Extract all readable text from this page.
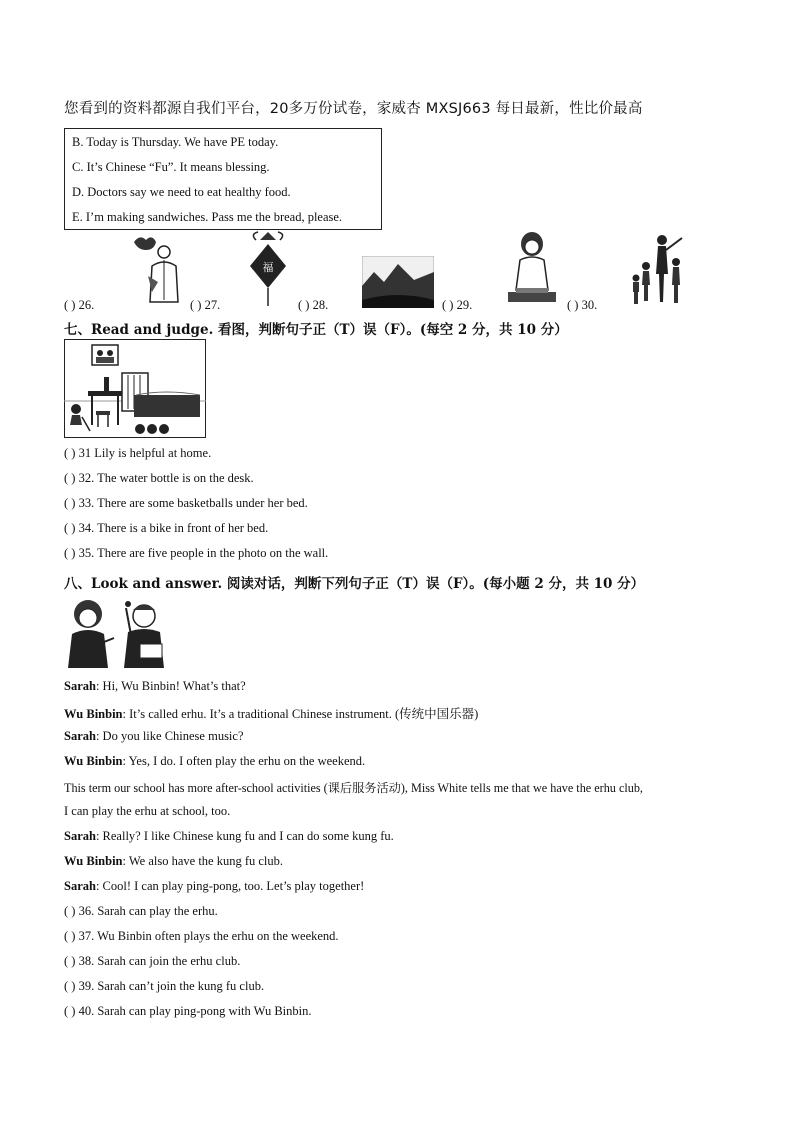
您看到的资料都源自我们平台，20多万份试卷，家威杏 MXSJ663 每日最新，性比价最高
B. Today is Thursday. We have PE today.
C. It’s Chinese “Fu”. It means blessing.
D. Doctors say we need to eat healthy food.
E. I’m making sandwiches. Pass me the bread, please.
福
( ) 26.	( ) 27.	( ) 28.	( ) 29.	( ) 30.
七、Read and judge. 看图，判断句子正（T）误（F）。(每空 2 分，共 10 分）
( ) 31 Lily is helpful at home.
( ) 32. The water bottle is on the desk.
( ) 33. There are some basketballs under her bed.
( ) 34. There is a bike in front of her bed.
( ) 35. There are five people in the photo on the wall.
八、Look and answer. 阅读对话，判断下列句子正（T）误（F）。(每小题 2 分，共 10 分）
Sarah: Hi, Wu Binbin! What’s that?
Wu Binbin: It’s called erhu. It’s a traditional Chinese instrument. (传统中国乐器)
Sarah: Do you like Chinese music?
Wu Binbin: Yes, I do. I often play the erhu on the weekend.
This term our school has more after-school activities (课后服务活动), Miss White tells me that we have the erhu club,
I can play the erhu at school, too.
Sarah: Really? I like Chinese kung fu and I can do some kung fu.
Wu Binbin: We also have the kung fu club.
Sarah: Cool! I can play ping-pong, too. Let’s play together!
( ) 36. Sarah can play the erhu.
( ) 37. Wu Binbin often plays the erhu on the weekend.
( ) 38. Sarah can join the erhu club.
( ) 39. Sarah can’t join the kung fu club.
( ) 40. Sarah can play ping-pong with Wu Binbin.
